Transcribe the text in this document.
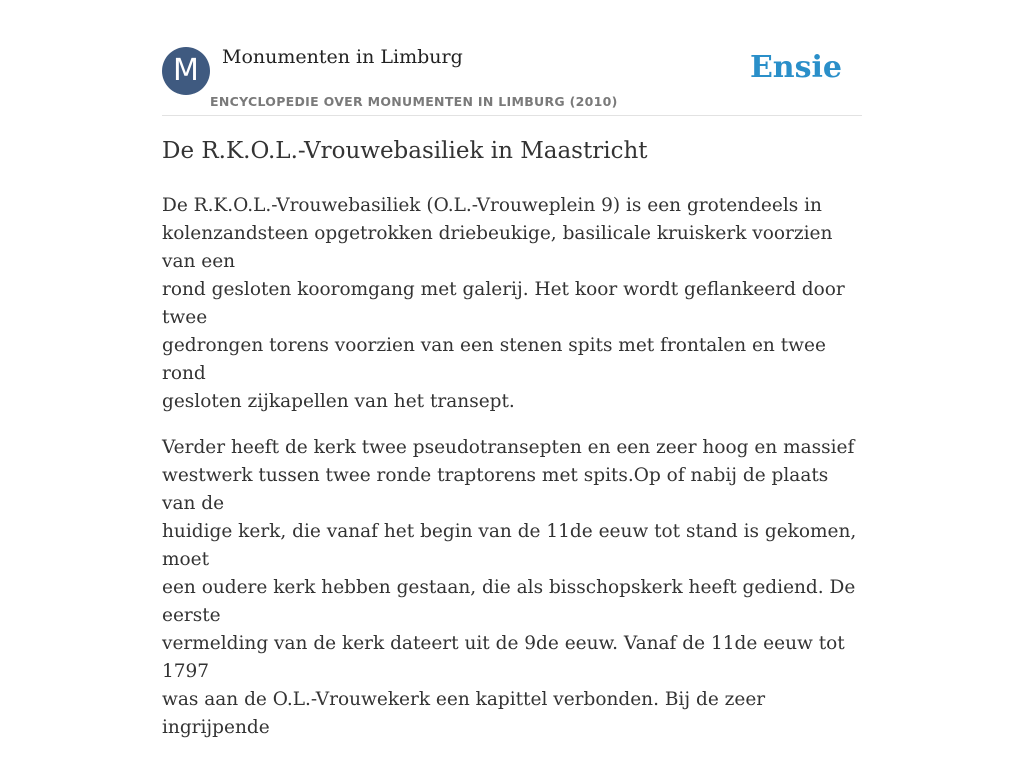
M	Monumenten in Limburg
ENCYCLOPEDIE OVER MONUMENTEN IN LIMBURG (2010)
Ensie
De R.K.O.L.-Vrouwebasiliek in Maastricht

De R.K.O.L.-Vrouwebasiliek (O.L.-Vrouweplein 9) is een grotendeels in
kolenzandsteen opgetrokken driebeukige, basilicale kruiskerk voorzien van een
rond gesloten kooromgang met galerij. Het koor wordt geflankeerd door twee
gedrongen torens voorzien van een stenen spits met frontalen en twee rond
gesloten zijkapellen van het transept.

Verder heeft de kerk twee pseudotransepten en een zeer hoog en massief
westwerk tussen twee ronde traptorens met spits.Op of nabij de plaats van de
huidige kerk, die vanaf het begin van de 11de eeuw tot stand is gekomen, moet
een oudere kerk hebben gestaan, die als bisschopskerk heeft gediend. De eerste
vermelding van de kerk dateert uit de 9de eeuw. Vanaf de 11de eeuw tot 1797
was aan de O.L.-Vrouwekerk een kapittel verbonden. Bij de zeer ingrijpende
